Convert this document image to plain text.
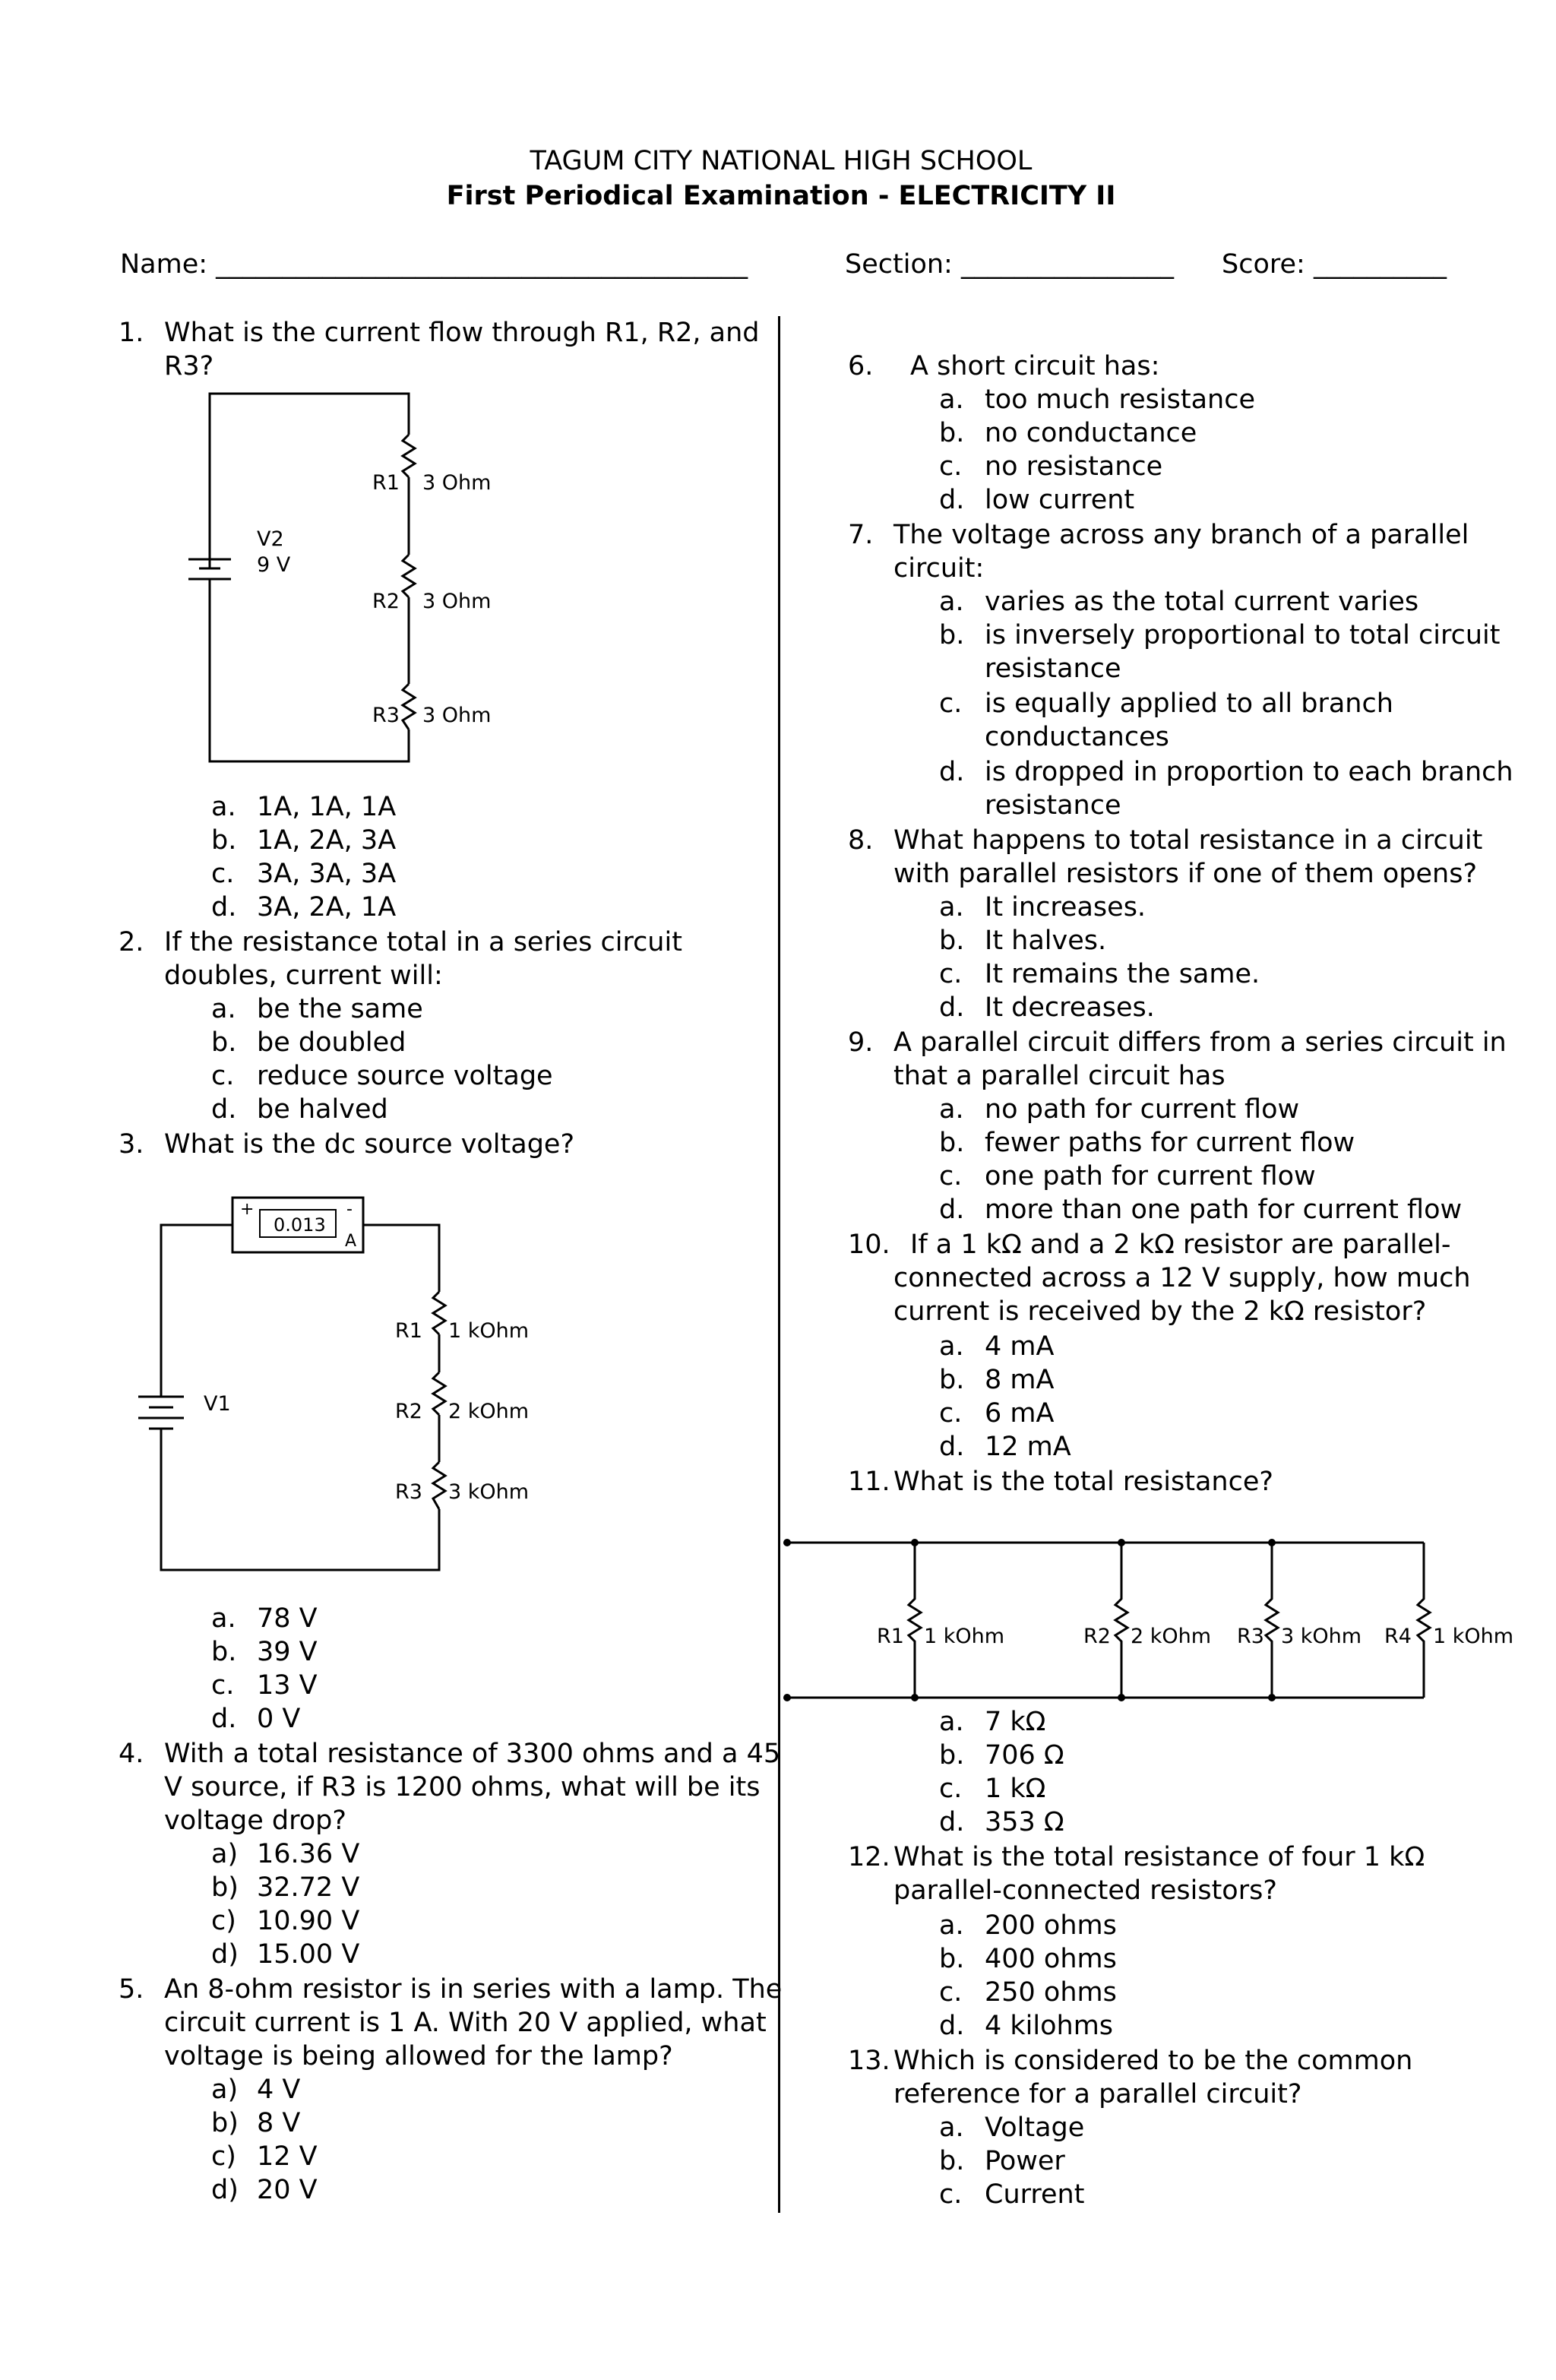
TAGUM CITY NATIONAL HIGH SCHOOL
First Periodical Examination - ELECTRICITY II
Name: ________________________________________	Section: ________________ Score: __________
1. What is the current flow through R1, R2, and
R3?
V2
9 V
R1 3 Ohm
R2 3 Ohm
R3 3 Ohm
a. 1A, 1A, 1A
b. 1A, 2A, 3A
c. 3A, 3A, 3A
d. 3A, 2A, 1A
2. If the resistance total in a series circuit
doubles, current will:
a. be the same
b. be doubled
c. reduce source voltage
d. be halved
3. What is the dc source voltage?
0.013
+	-
A
V1
R1 1 kOhm
R2 2 kOhm
R3 3 kOhm
a. 78 V
b. 39 V
c. 13 V
d. 0 V
4. With a total resistance of 3300 ohms and a 45
V source, if R3 is 1200 ohms, what will be its
voltage drop?
a) 16.36 V
b) 32.72 V
c) 10.90 V
d) 15.00 V
5. An 8-ohm resistor is in series with a lamp. The
circuit current is 1 A. With 20 V applied, what
voltage is being allowed for the lamp?
a) 4 V
b) 8 V
c) 12 V
d) 20 V
6. A short circuit has:
a. too much resistance
b. no conductance
c. no resistance
d. low current
7. The voltage across any branch of a parallel
circuit:
a. varies as the total current varies
b. is inversely proportional to total circuit
resistance
c. is equally applied to all branch
conductances
d. is dropped in proportion to each branch
resistance
8. What happens to total resistance in a circuit
with parallel resistors if one of them opens?
a. It increases.
b. It halves.
c. It remains the same.
d. It decreases.
9. A parallel circuit differs from a series circuit in
that a parallel circuit has
a. no path for current flow
b. fewer paths for current flow
c. one path for current flow
d. more than one path for current flow
10. If a 1 kΩ and a 2 kΩ resistor are parallel-
connected across a 12 V supply, how much
current is received by the 2 kΩ resistor?
a. 4 mA
b. 8 mA
c. 6 mA
d. 12 mA
11. What is the total resistance?
R1 1 kOhm	R2 2 kOhm R3 3 kOhm R4 1 kOhm
a. 7 kΩ
b. 706 Ω
c. 1 kΩ
d. 353 Ω
12. What is the total resistance of four 1 kΩ
parallel-connected resistors?
a. 200 ohms
b. 400 ohms
c. 250 ohms
d. 4 kilohms
13. Which is considered to be the common
reference for a parallel circuit?
a. Voltage
b. Power
c. Current
